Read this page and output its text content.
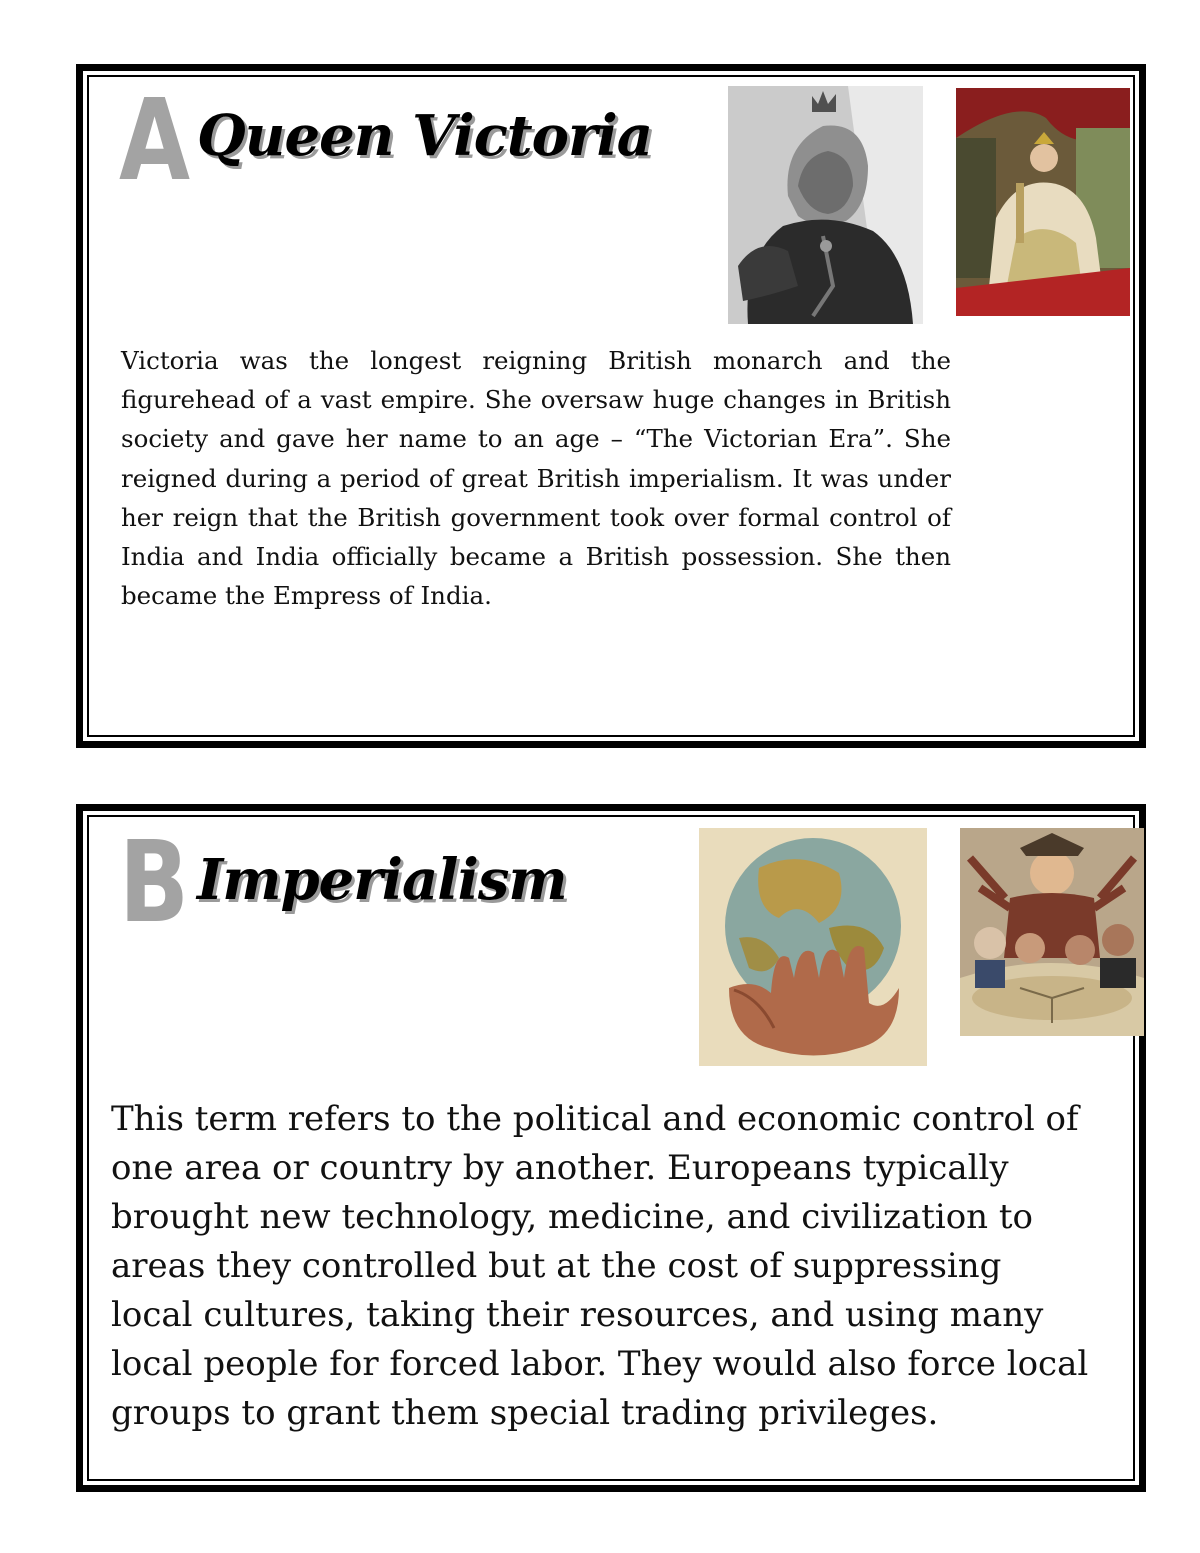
A Queen Victoria
Victoria was the longest reigning British monarch and the figurehead of a vast empire. She oversaw huge changes in British society and gave her name to an age – “The Victorian Era”. She reigned during a period of great British imperialism. It was under her reign that the British government took over formal control of India and India officially became a British possession. She then became the Empress of India.
B Imperialism
This term refers to the political and economic control of one area or country by another. Europeans typically brought new technology, medicine, and civilization to areas they controlled but at the cost of suppressing local cultures, taking their resources, and using many local people for forced labor. They would also force local groups to grant them special trading privileges.
